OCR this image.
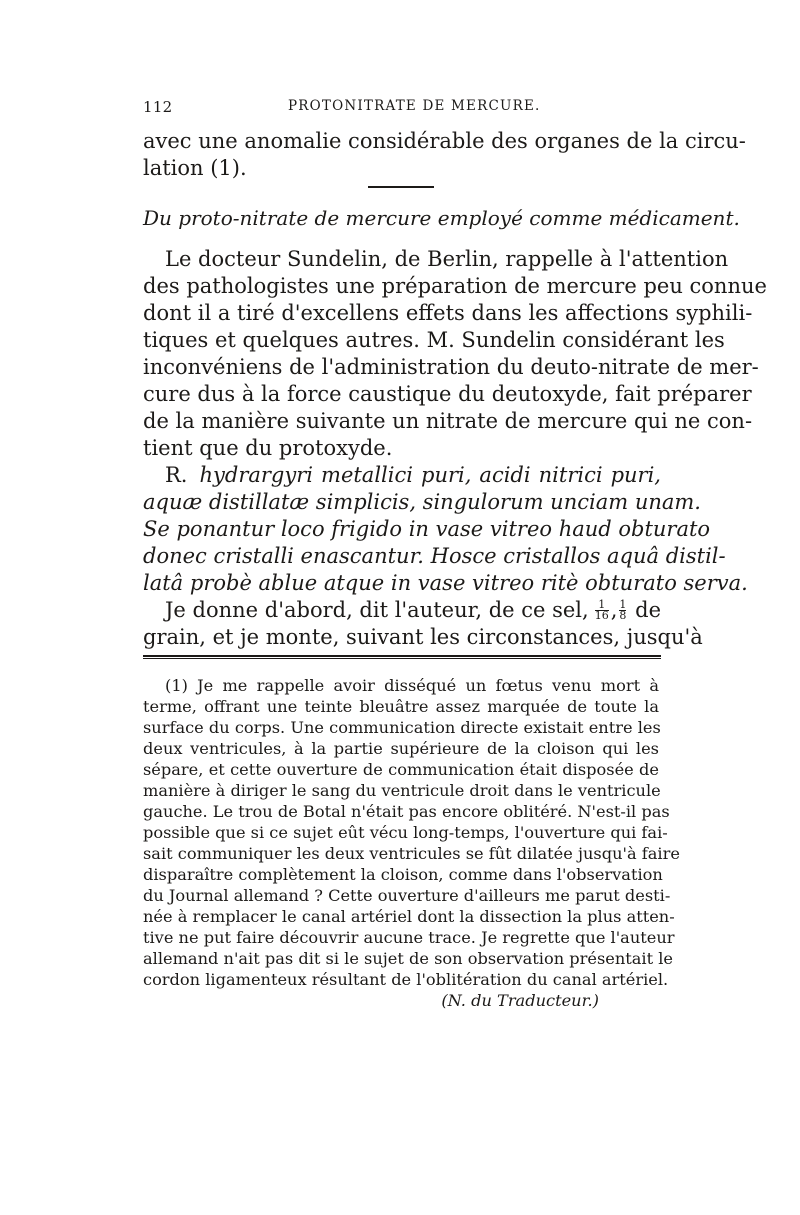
112	PROTONITRATE DE MERCURE.

avec une anomalie considérable des organes de la circu-

lation (1).

Du proto-nitrate de mercure employé comme médicament.

Le docteur Sundelin, de Berlin, rappelle à l'attention

des pathologistes une préparation de mercure peu connue

dont il a tiré d'excellens effets dans les affections syphili-

tiques et quelques autres. M. Sundelin considérant les

inconvéniens de l'administration du deuto-nitrate de mer-

cure dus à la force caustique du deutoxyde, fait préparer

de la manière suivante un nitrate de mercure qui ne con-

tient que du protoxyde.

R. hydrargyri metallici puri, acidi nitrici puri,

aquæ distillatæ simplicis, singulorum unciam unam.

Se ponantur loco frigido in vase vitreo haud obturato

donec cristalli enascantur. Hosce cristallos aquâ distil-

latâ probè ablue atque in vase vitreo ritè obturato serva.

Je donne d'abord, dit l'auteur, de ce sel, $\frac{1}{16}$ , $\frac{1}{8}$ de

grain, et je monte, suivant les circonstances, jusqu'à

(1) Je me rappelle avoir disséqué un fœtus venu mort à

terme, offrant une teinte bleuâtre assez marquée de toute la

surface du corps. Une communication directe existait entre les

deux ventricules, à la partie supérieure de la cloison qui les

sépare, et cette ouverture de communication était disposée de

manière à diriger le sang du ventricule droit dans le ventricule

gauche. Le trou de Botal n'était pas encore oblitéré. N'est-il pas

possible que si ce sujet eût vécu long-temps, l'ouverture qui fai-

sait communiquer les deux ventricules se fût dilatée jusqu'à faire

disparaître complètement la cloison, comme dans l'observation

du Journal allemand ? Cette ouverture d'ailleurs me parut desti-

née à remplacer le canal artériel dont la dissection la plus atten-

tive ne put faire découvrir aucune trace. Je regrette que l'auteur

allemand n'ait pas dit si le sujet de son observation présentait le

cordon ligamenteux résultant de l'oblitération du canal artériel.

(N. du Traducteur.)
